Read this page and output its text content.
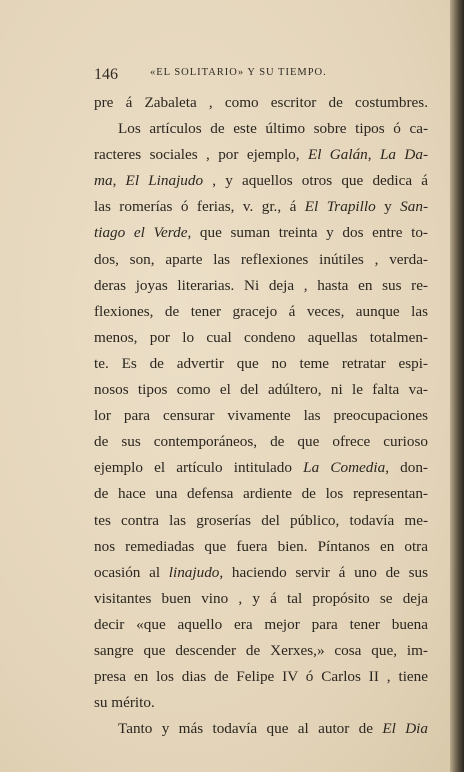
146	«EL SOLITARIO» Y SU TIEMPO.
pre á Zabaleta , como escritor de costumbres.
Los artículos de este último sobre tipos ó ca-
racteres sociales , por ejemplo, El Galán, La Da-
ma, El Linajudo , y aquellos otros que dedica á
las romerías ó ferias, v. gr., á El Trapillo y San-
tiago el Verde, que suman treinta y dos entre to-
dos, son, aparte las reflexiones inútiles , verda-
deras joyas literarias. Ni deja , hasta en sus re-
flexiones, de tener gracejo á veces, aunque las
menos, por lo cual condeno aquellas totalmen-
te. Es de advertir que no teme retratar espi-
nosos tipos como el del adúltero, ni le falta va-
lor para censurar vivamente las preocupaciones
de sus contemporáneos, de que ofrece curioso
ejemplo el artículo intitulado La Comedia, don-
de hace una defensa ardiente de los representan-
tes contra las groserías del público, todavía me-
nos remediadas que fuera bien. Píntanos en otra
ocasión al linajudo, haciendo servir á uno de sus
visitantes buen vino , y á tal propósito se deja
decir «que aquello era mejor para tener buena
sangre que descender de Xerxes,» cosa que, im-
presa en los dias de Felipe IV ó Carlos II , tiene
su mérito.
Tanto y más todavía que al autor de El Dia
